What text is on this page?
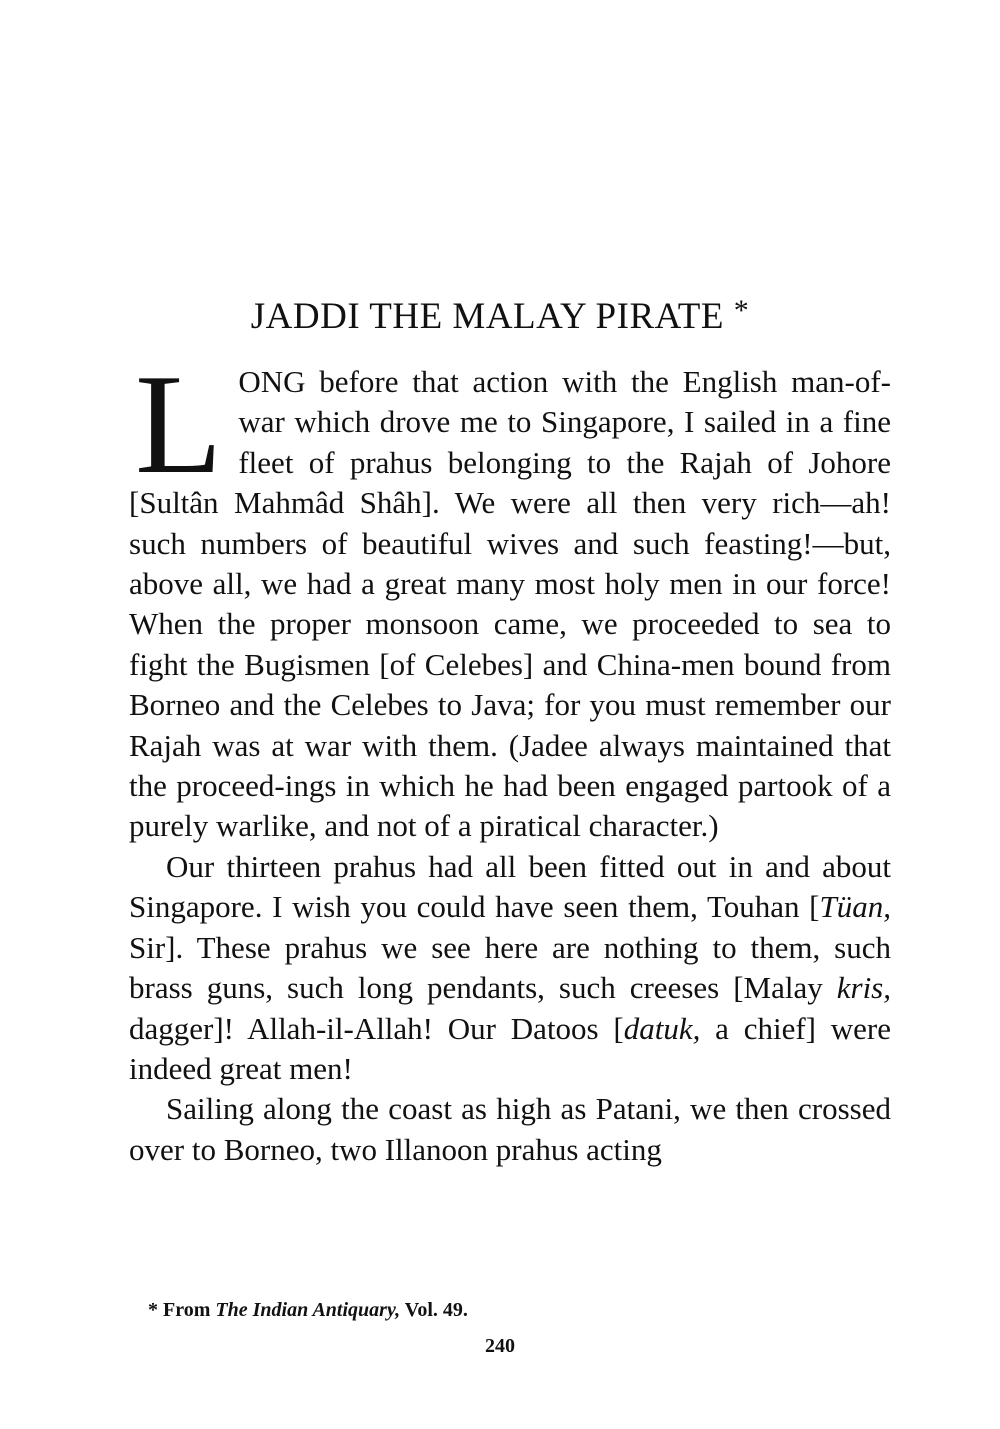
JADDI THE MALAY PIRATE *

LONG before that action with the English man-of-war which drove me to Singapore, I sailed in a fine fleet of prahus belonging to the Rajah of Johore [Sultân Mahmâd Shâh]. We were all then very rich—ah! such numbers of beautiful wives and such feasting!—but, above all, we had a great many most holy men in our force! When the proper monsoon came, we proceeded to sea to fight the Bugismen [of Celebes] and China-men bound from Borneo and the Celebes to Java; for you must remember our Rajah was at war with them. (Jadee always maintained that the proceed-ings in which he had been engaged partook of a purely warlike, and not of a piratical character.)

Our thirteen prahus had all been fitted out in and about Singapore. I wish you could have seen them, Touhan [Tüan, Sir]. These prahus we see here are nothing to them, such brass guns, such long pendants, such creeses [Malay kris, dagger]! Allah-il-Allah! Our Datoos [datuk, a chief] were indeed great men!

Sailing along the coast as high as Patani, we then crossed over to Borneo, two Illanoon prahus acting

* From The Indian Antiquary, Vol. 49.
240
